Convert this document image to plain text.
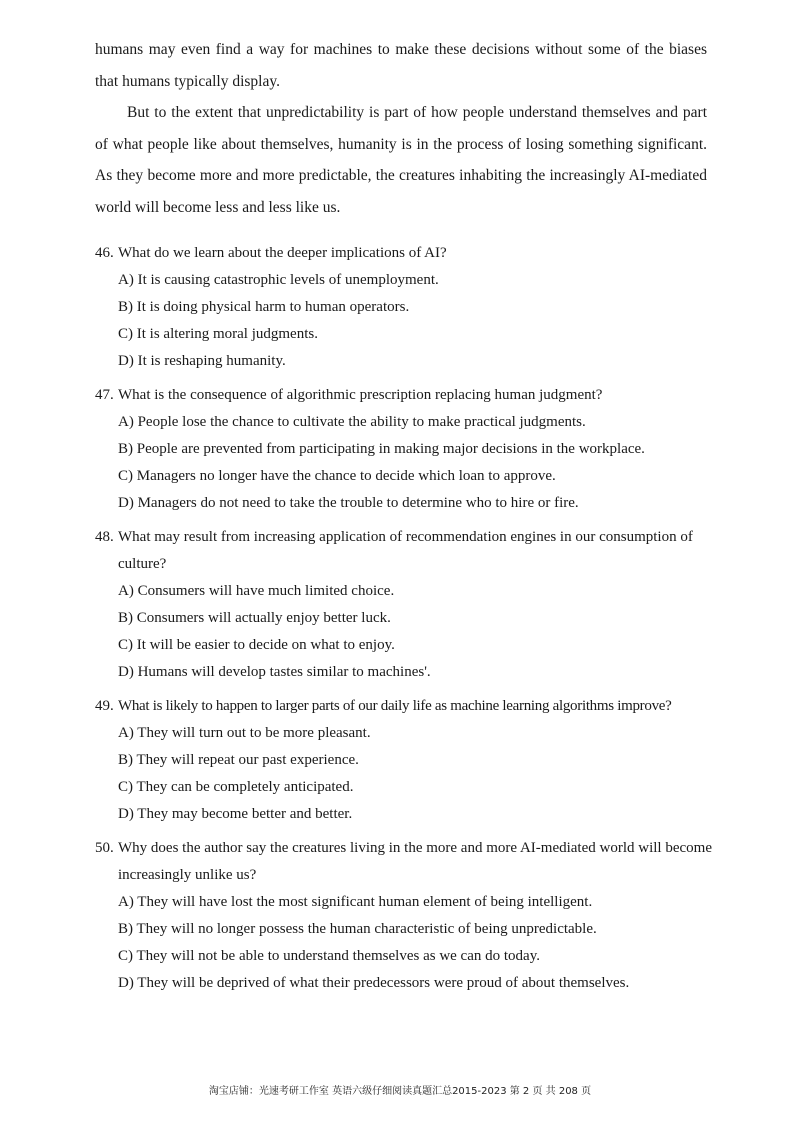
humans may even find a way for machines to make these decisions without some of the biases that humans typically display.

But to the extent that unpredictability is part of how people understand themselves and part of what people like about themselves, humanity is in the process of losing something significant. As they become more and more predictable, the creatures inhabiting the increasingly AI-mediated world will become less and less like us.

46. What do we learn about the deeper implications of AI?
A) It is causing catastrophic levels of unemployment.
B) It is doing physical harm to human operators.
C) It is altering moral judgments.
D) It is reshaping humanity.
47. What is the consequence of algorithmic prescription replacing human judgment?
A) People lose the chance to cultivate the ability to make practical judgments.
B) People are prevented from participating in making major decisions in the workplace.
C) Managers no longer have the chance to decide which loan to approve.
D) Managers do not need to take the trouble to determine who to hire or fire.
48. What may result from increasing application of recommendation engines in our consumption of culture?
A) Consumers will have much limited choice.
B) Consumers will actually enjoy better luck.
C) It will be easier to decide on what to enjoy.
D) Humans will develop tastes similar to machines'.
49. What is likely to happen to larger parts of our daily life as machine learning algorithms improve?
A) They will turn out to be more pleasant.
B) They will repeat our past experience.
C) They can be completely anticipated.
D) They may become better and better.
50. Why does the author say the creatures living in the more and more AI-mediated world will become increasingly unlike us?
A) They will have lost the most significant human element of being intelligent.
B) They will no longer possess the human characteristic of being unpredictable.
C) They will not be able to understand themselves as we can do today.
D) They will be deprived of what their predecessors were proud of about themselves.
淘宝店铺：光速考研工作室 英语六级仔细阅读真题汇总2015-2023 第 2 页 共 208 页
